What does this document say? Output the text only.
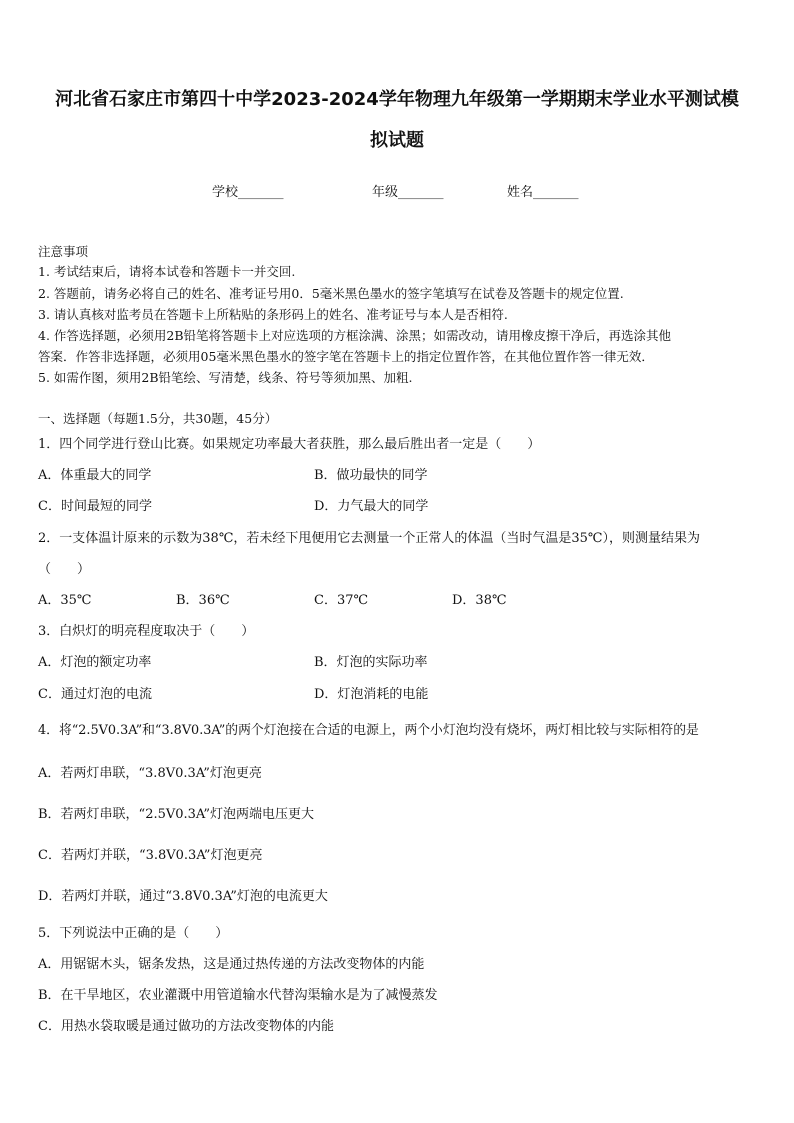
河北省石家庄市第四十中学2023-2024学年物理九年级第一学期期末学业水平测试模
拟试题
学校_______	年级_______	姓名_______
注意事项
1. 考试结束后，请将本试卷和答题卡一并交回.
2. 答题前，请务必将自己的姓名、准考证号用0．5毫米黑色墨水的签字笔填写在试卷及答题卡的规定位置.
3. 请认真核对监考员在答题卡上所粘贴的条形码上的姓名、准考证号与本人是否相符.
4. 作答选择题，必须用2B铅笔将答题卡上对应选项的方框涂满、涂黑；如需改动，请用橡皮擦干净后，再选涂其他
答案．作答非选择题，必须用05毫米黑色墨水的签字笔在答题卡上的指定位置作答，在其他位置作答一律无效．
5. 如需作图，须用2B铅笔绘、写清楚，线条、符号等须加黑、加粗.
一、选择题（每题1.5分，共30题，45分）
1．四个同学进行登山比赛。如果规定功率最大者获胜，那么最后胜出者一定是（　　）
A．体重最大的同学	B．做功最快的同学
C．时间最短的同学	D．力气最大的同学
2．一支体温计原来的示数为38℃，若未经下甩便用它去测量一个正常人的体温（当时气温是35℃），则测量结果为
（　　）
A．35℃	B．36℃	C．37℃	D．38℃
3．白炽灯的明亮程度取决于（　　）
A．灯泡的额定功率	B．灯泡的实际功率
C．通过灯泡的电流	D．灯泡消耗的电能
4．将“2.5V0.3A”和“3.8V0.3A”的两个灯泡接在合适的电源上，两个小灯泡均没有烧坏，两灯相比较与实际相符的是
A．若两灯串联，“3.8V0.3A”灯泡更亮
B．若两灯串联，“2.5V0.3A”灯泡两端电压更大
C．若两灯并联，“3.8V0.3A”灯泡更亮
D．若两灯并联，通过“3.8V0.3A”灯泡的电流更大
5．下列说法中正确的是（　　）
A．用锯锯木头，锯条发热，这是通过热传递的方法改变物体的内能
B．在干旱地区，农业灌溉中用管道输水代替沟渠输水是为了减慢蒸发
C．用热水袋取暖是通过做功的方法改变物体的内能
